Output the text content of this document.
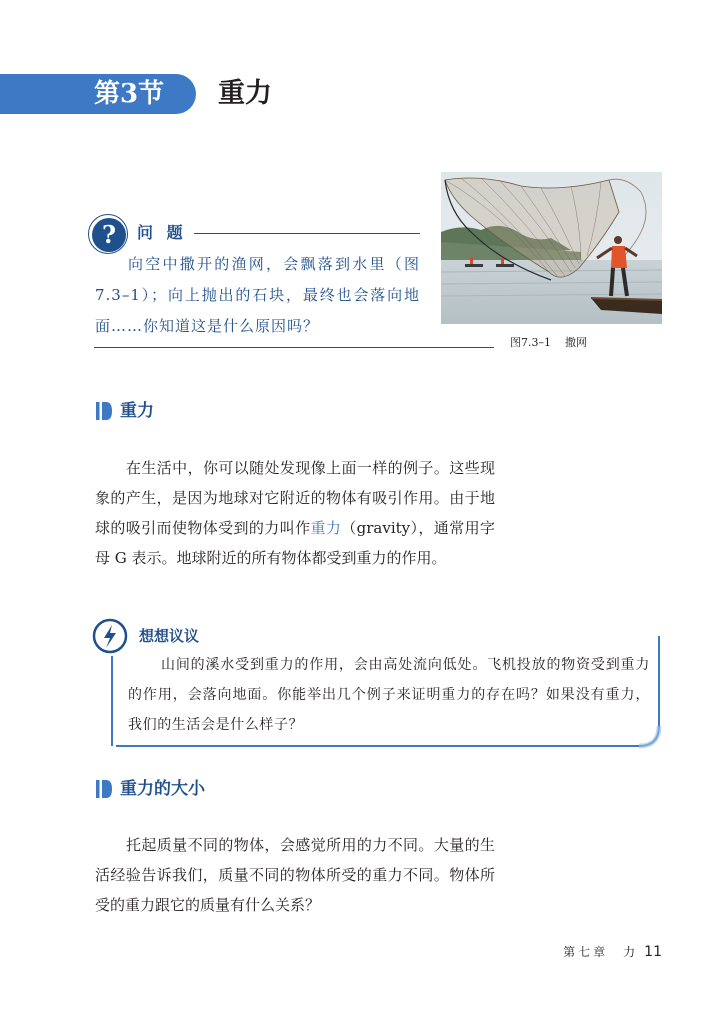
第3节 重力
?	问 题
向空中撒开的渔网，会飘落到水里（图7.3–1）；向上抛出的石块，最终也会落向地面……你知道这是什么原因吗？
图7.3–1 撒网
重力
在生活中，你可以随处发现像上面一样的例子。这些现象的产生，是因为地球对它附近的物体有吸引作用。由于地球的吸引而使物体受到的力叫作重力（gravity），通常用字母 G 表示。地球附近的所有物体都受到重力的作用。
想想议议
山间的溪水受到重力的作用，会由高处流向低处。飞机投放的物资受到重力的作用，会落向地面。你能举出几个例子来证明重力的存在吗？如果没有重力，我们的生活会是什么样子？
重力的大小
托起质量不同的物体，会感觉所用的力不同。大量的生活经验告诉我们，质量不同的物体所受的重力不同。物体所受的重力跟它的质量有什么关系？
第七章　力 11
